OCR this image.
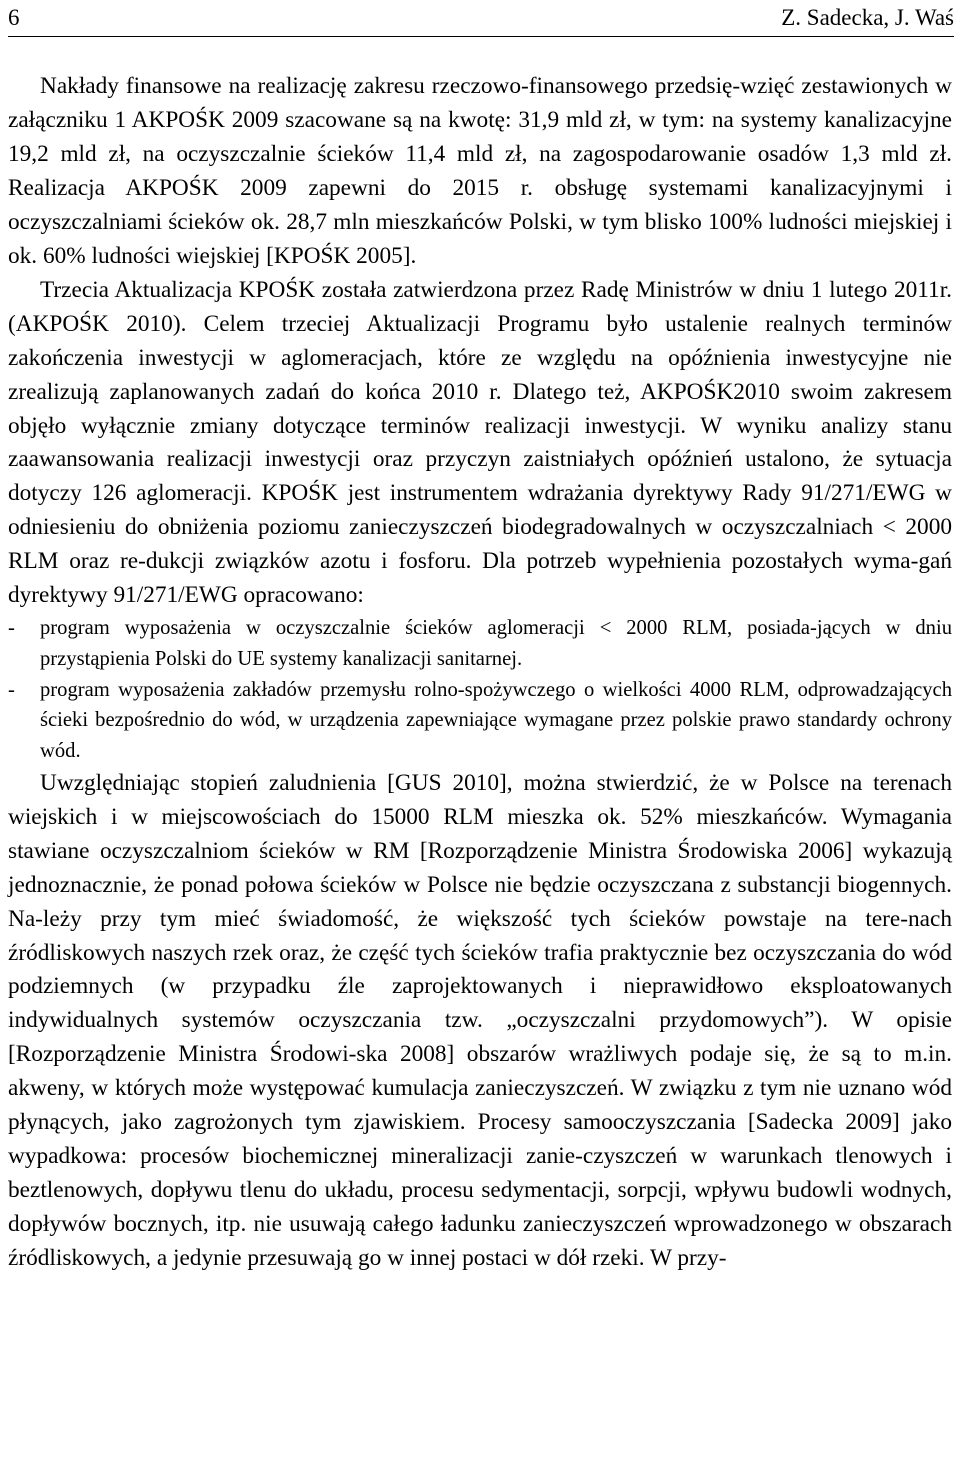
6	Z. Sadecka, J. Waś

Nakłady finansowe na realizację zakresu rzeczowo-finansowego przedsię-wzięć zestawionych w załączniku 1 AKPOŚK 2009 szacowane są na kwotę: 31,9 mld zł, w tym: na systemy kanalizacyjne 19,2 mld zł, na oczyszczalnie ścieków 11,4 mld zł, na zagospodarowanie osadów 1,3 mld zł. Realizacja AKPOŚK 2009 zapewni do 2015 r. obsługę systemami kanalizacyjnymi i oczyszczalniami ścieków ok. 28,7 mln mieszkańców Polski, w tym blisko 100% ludności miejskiej i ok. 60% ludności wiejskiej [KPOŚK 2005].

Trzecia Aktualizacja KPOŚK została zatwierdzona przez Radę Ministrów w dniu 1 lutego 2011r. (AKPOŚK 2010). Celem trzeciej Aktualizacji Programu było ustalenie realnych terminów zakończenia inwestycji w aglomeracjach, które ze względu na opóźnienia inwestycyjne nie zrealizują zaplanowanych zadań do końca 2010 r. Dlatego też, AKPOŚK2010 swoim zakresem objęło wyłącznie zmiany dotyczące terminów realizacji inwestycji. W wyniku analizy stanu zaawansowania realizacji inwestycji oraz przyczyn zaistniałych opóźnień ustalono, że sytuacja dotyczy 126 aglomeracji. KPOŚK jest instrumentem wdrażania dyrektywy Rady 91/271/EWG w odniesieniu do obniżenia poziomu zanieczyszczeń biodegradowalnych w oczyszczalniach < 2000 RLM oraz re-dukcji związków azotu i fosforu. Dla potrzeb wypełnienia pozostałych wyma-gań dyrektywy 91/271/EWG opracowano:

- program wyposażenia w oczyszczalnie ścieków aglomeracji < 2000 RLM, posiada-jących w dniu przystąpienia Polski do UE systemy kanalizacji sanitarnej.
- program wyposażenia zakładów przemysłu rolno-spożywczego o wielkości 4000 RLM, odprowadzających ścieki bezpośrednio do wód, w urządzenia zapewniające wymagane przez polskie prawo standardy ochrony wód.

Uwzględniając stopień zaludnienia [GUS 2010], można stwierdzić, że w Polsce na terenach wiejskich i w miejscowościach do 15000 RLM mieszka ok. 52% mieszkańców. Wymagania stawiane oczyszczalniom ścieków w RM [Rozporządzenie Ministra Środowiska 2006] wykazują jednoznacznie, że ponad połowa ścieków w Polsce nie będzie oczyszczana z substancji biogennych. Na-leży przy tym mieć świadomość, że większość tych ścieków powstaje na tere-nach źródliskowych naszych rzek oraz, że część tych ścieków trafia praktycznie bez oczyszczania do wód podziemnych (w przypadku źle zaprojektowanych i nieprawidłowo eksploatowanych indywidualnych systemów oczyszczania tzw. „oczyszczalni przydomowych”). W opisie [Rozporządzenie Ministra Środowi-ska 2008] obszarów wrażliwych podaje się, że są to m.in. akweny, w których może występować kumulacja zanieczyszczeń. W związku z tym nie uznano wód płynących, jako zagrożonych tym zjawiskiem. Procesy samooczyszczania [Sadecka 2009] jako wypadkowa: procesów biochemicznej mineralizacji zanie-czyszczeń w warunkach tlenowych i beztlenowych, dopływu tlenu do układu, procesu sedymentacji, sorpcji, wpływu budowli wodnych, dopływów bocznych, itp. nie usuwają całego ładunku zanieczyszczeń wprowadzonego w obszarach źródliskowych, a jedynie przesuwają go w innej postaci w dół rzeki. W przy-
